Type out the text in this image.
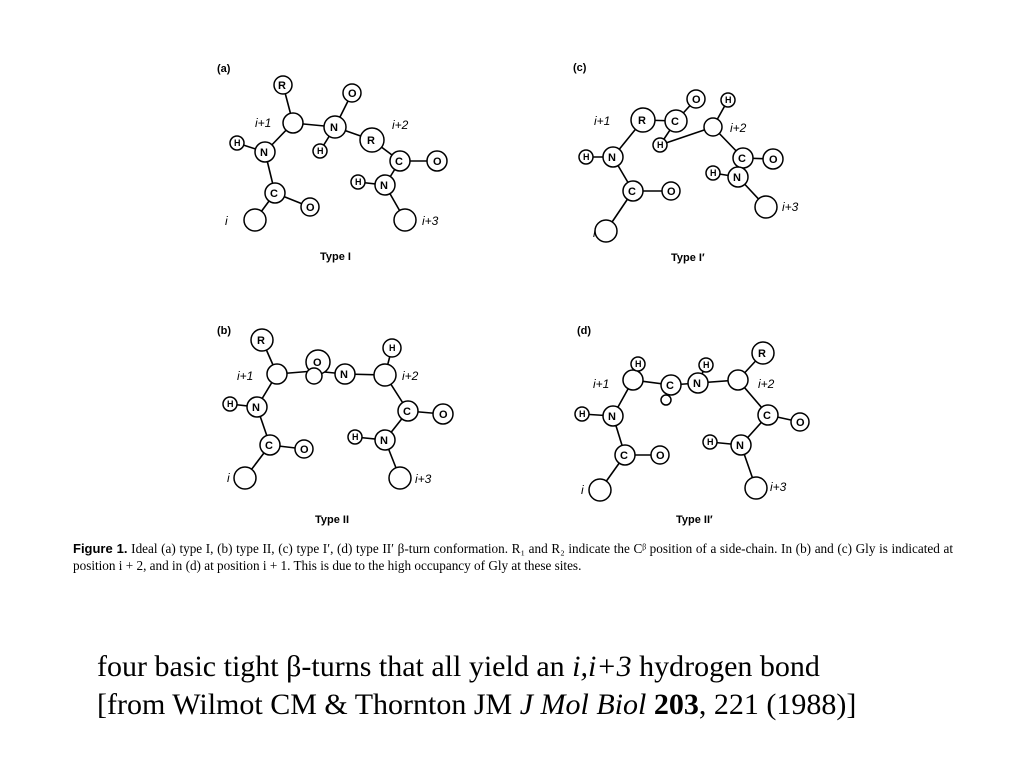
(a)
R
C
O
N
H
N
O
H
R
C	O
N
H
i
i+1	i+2
i+3
Type I
(c)
C	O
N
H
R C
O
H
H
C O
N
H
i
i+1	i+2
i+3
Type I′
(b)
R
C O
N
H
O
N
H
C	O
N
H
i
i+1	i+2
i+3
Type II
(d)
C	O
N
H
H
C N
H
R
C
O
N
H
i
i+1	i+2
i+3
Type II′
Figure 1. Ideal (a) type I, (b) type II, (c) type I′, (d) type II′ β-turn conformation. R₁ and R₂ indicate the Cᵝ position of a side-chain. In (b) and (c) Gly is indicated at position i + 2, and in (d) at position i + 1. This is due to the high occupancy of Gly at these sites.
four basic tight β-turns that all yield an i,i+3 hydrogen bond
[from Wilmot CM & Thornton JM J Mol Biol 203, 221 (1988)]
